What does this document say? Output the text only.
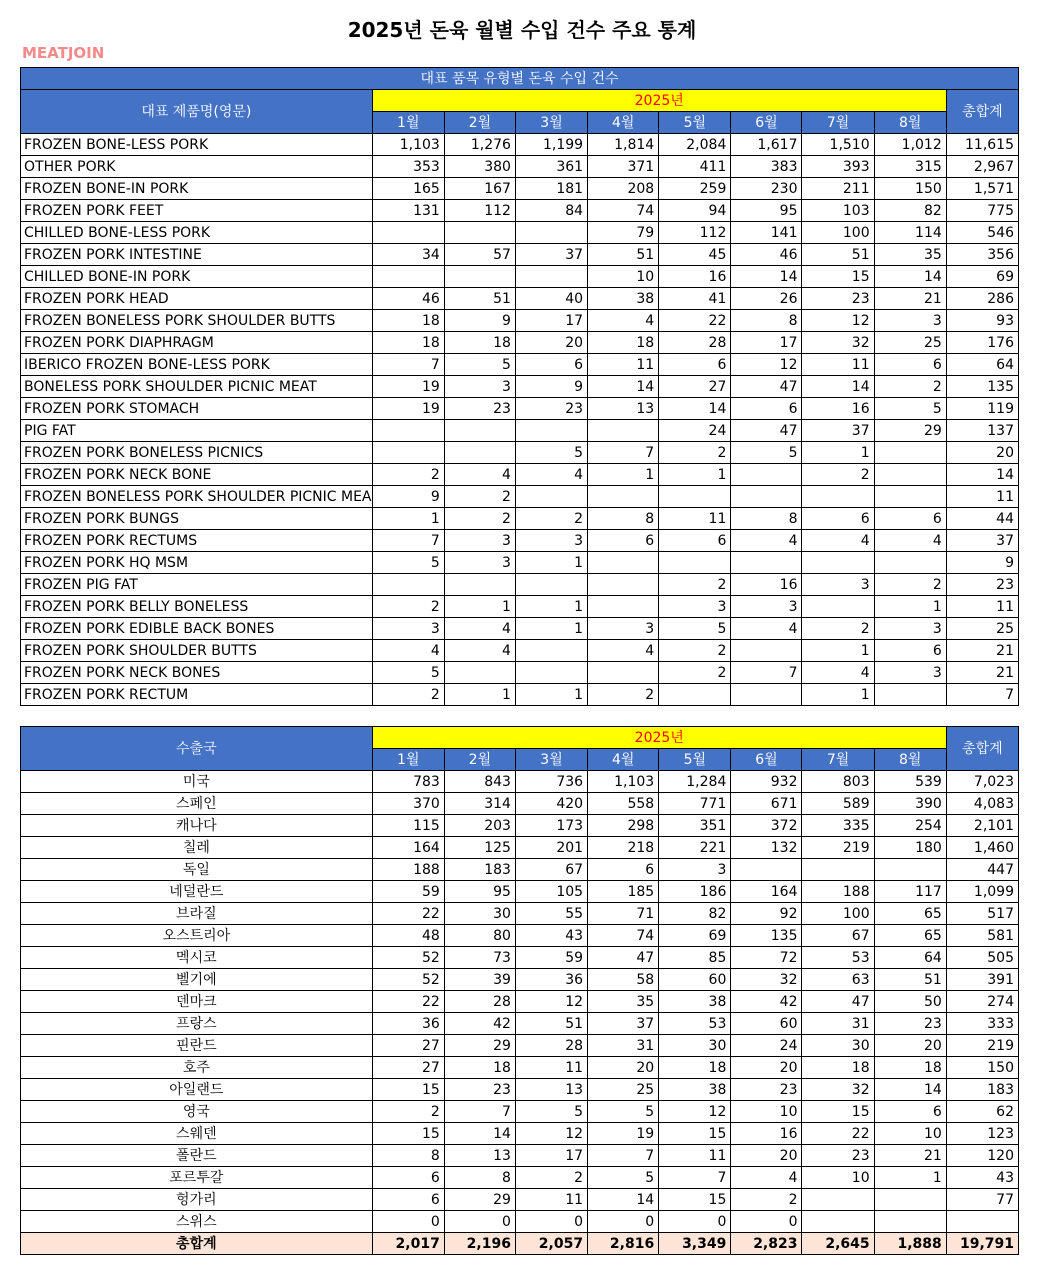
2025년 돈육 월별 수입 건수 주요 통계
MEATJOIN
대표 품목 유형별 돈육 수입 건수									
대표 제품명(영문)	2025년								총합계
	1월	2월	3월	4월	5월	6월	7월	8월	
FROZEN BONE-LESS PORK	1,103	1,276	1,199	1,814	2,084	1,617	1,510	1,012	11,615
OTHER PORK	353	380	361	371	411	383	393	315	2,967
FROZEN BONE-IN PORK	165	167	181	208	259	230	211	150	1,571
FROZEN PORK FEET	131	112	84	74	94	95	103	82	775
CHILLED BONE-LESS PORK				79	112	141	100	114	546
FROZEN PORK INTESTINE	34	57	37	51	45	46	51	35	356
CHILLED BONE-IN PORK				10	16	14	15	14	69
FROZEN PORK HEAD	46	51	40	38	41	26	23	21	286
FROZEN BONELESS PORK SHOULDER BUTTS	18	9	17	4	22	8	12	3	93
FROZEN PORK DIAPHRAGM	18	18	20	18	28	17	32	25	176
IBERICO FROZEN BONE-LESS PORK	7	5	6	11	6	12	11	6	64
BONELESS PORK SHOULDER PICNIC MEAT	19	3	9	14	27	47	14	2	135
FROZEN PORK STOMACH	19	23	23	13	14	6	16	5	119
PIG FAT					24	47	37	29	137
FROZEN PORK BONELESS PICNICS			5	7	2	5	1		20
FROZEN PORK NECK BONE	2	4	4	1	1		2		14
FROZEN BONELESS PORK SHOULDER PICNIC MEA	9	2							11
FROZEN PORK BUNGS	1	2	2	8	11	8	6	6	44
FROZEN PORK RECTUMS	7	3	3	6	6	4	4	4	37
FROZEN PORK HQ MSM	5	3	1						9
FROZEN PIG FAT					2	16	3	2	23
FROZEN PORK BELLY BONELESS	2	1	1		3	3		1	11
FROZEN PORK EDIBLE BACK BONES	3	4	1	3	5	4	2	3	25
FROZEN PORK SHOULDER BUTTS	4	4		4	2		1	6	21
FROZEN PORK NECK BONES	5				2	7	4	3	21
FROZEN PORK RECTUM	2	1	1	2			1		7
수출국	2025년								총합계
	1월	2월	3월	4월	5월	6월	7월	8월	
미국	783	843	736	1,103	1,284	932	803	539	7,023
스페인	370	314	420	558	771	671	589	390	4,083
캐나다	115	203	173	298	351	372	335	254	2,101
칠레	164	125	201	218	221	132	219	180	1,460
독일	188	183	67	6	3				447
네덜란드	59	95	105	185	186	164	188	117	1,099
브라질	22	30	55	71	82	92	100	65	517
오스트리아	48	80	43	74	69	135	67	65	581
멕시코	52	73	59	47	85	72	53	64	505
벨기에	52	39	36	58	60	32	63	51	391
덴마크	22	28	12	35	38	42	47	50	274
프랑스	36	42	51	37	53	60	31	23	333
핀란드	27	29	28	31	30	24	30	20	219
호주	27	18	11	20	18	20	18	18	150
아일랜드	15	23	13	25	38	23	32	14	183
영국	2	7	5	5	12	10	15	6	62
스웨덴	15	14	12	19	15	16	22	10	123
폴란드	8	13	17	7	11	20	23	21	120
포르투갈	6	8	2	5	7	4	10	1	43
헝가리	6	29	11	14	15	2			77
스위스	0	0	0	0	0	0			
총합계	2,017	2,196	2,057	2,816	3,349	2,823	2,645	1,888	19,791
